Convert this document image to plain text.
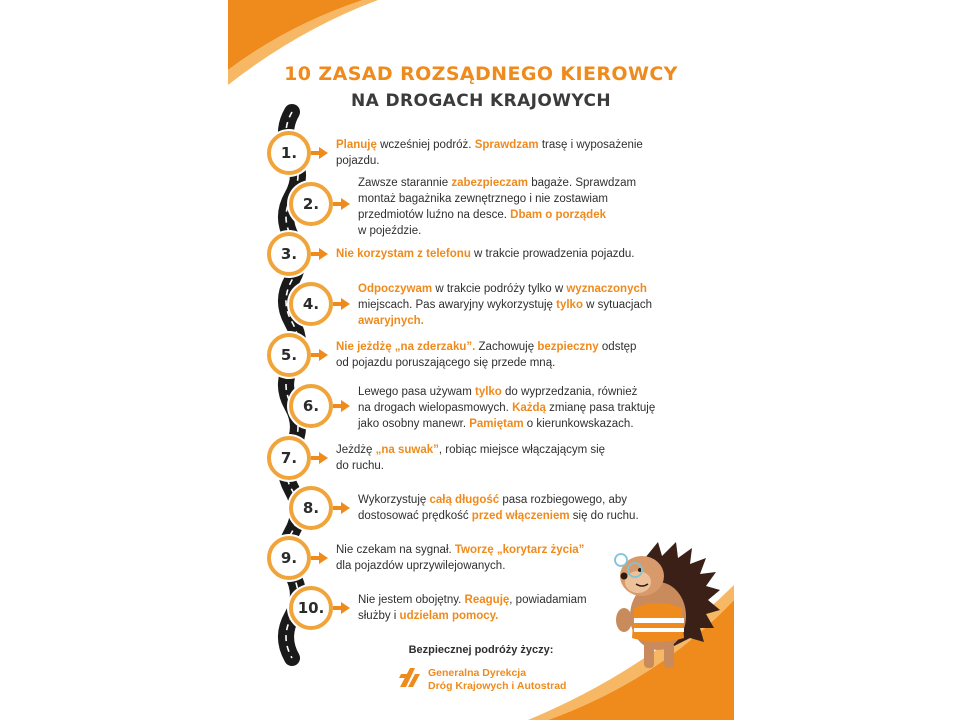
10 ZASAD ROZSĄDNEGO KIEROWCY
NA DROGACH KRAJOWYCH
1.	Planuję wcześniej podróż. Sprawdzam trasę i wyposażenie
pojazdu.
2.
Zawsze starannie zabezpieczam bagaże. Sprawdzam
montaż bagażnika zewnętrznego i nie zostawiam
przedmiotów luźno na desce. Dbam o porządek
w pojeździe.
3.	Nie korzystam z telefonu w trakcie prowadzenia pojazdu.
4.
Odpoczywam w trakcie podróży tylko w wyznaczonych
miejscach. Pas awaryjny wykorzystuję tylko w sytuacjach
awaryjnych.
5.	Nie jeżdżę „na zderzaku”. Zachowuję bezpieczny odstęp
od pojazdu poruszającego się przede mną.
6.
Lewego pasa używam tylko do wyprzedzania, również
na drogach wielopasmowych. Każdą zmianę pasa traktuję
jako osobny manewr. Pamiętam o kierunkowskazach.
7.	Jeżdżę „na suwak”, robiąc miejsce włączającym się
do ruchu.
8.	Wykorzystuję całą długość pasa rozbiegowego, aby
dostosować prędkość przed włączeniem się do ruchu.
9.	Nie czekam na sygnał. Tworzę „korytarz życia”
dla pojazdów uprzywilejowanych.
10.	Nie jestem obojętny. Reaguję, powiadamiam
służby i udzielam pomocy.
Bezpiecznej podróży życzy:
Generalna Dyrekcja
Dróg Krajowych i Autostrad
